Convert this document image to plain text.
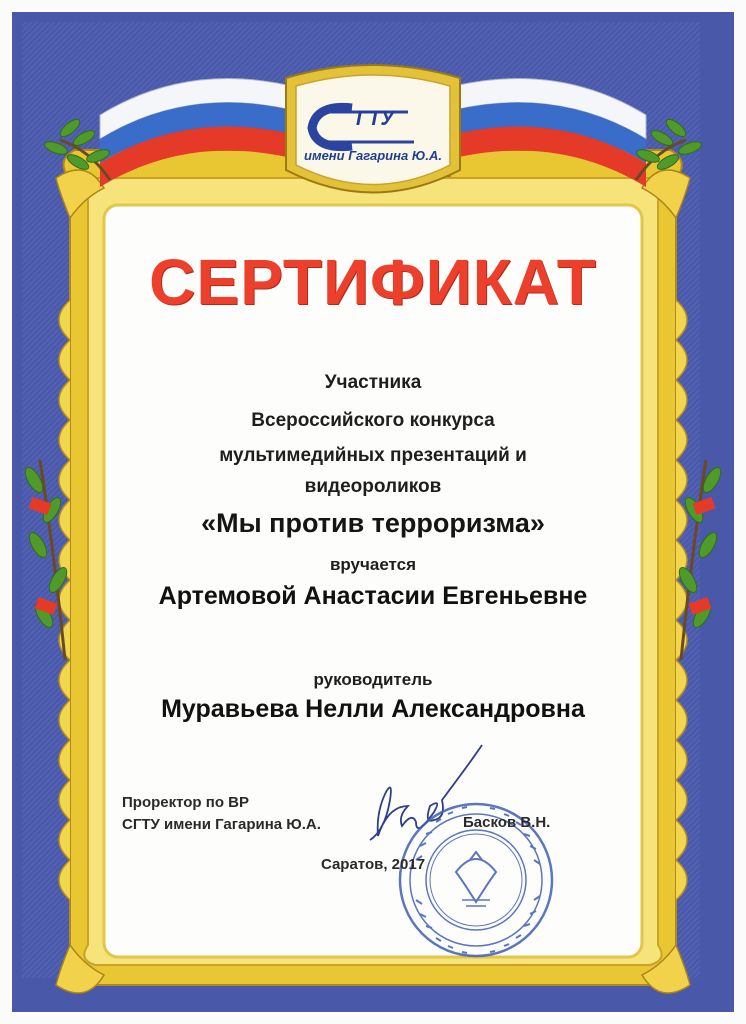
ГТУ
имени Гагарина Ю.А.
СЕРТИФИКАТ
Участника
Всероссийского конкурса
мультимедийных презентаций и
видеороликов
«Мы против терроризма»
вручается
Артемовой Анастасии Евгеньевне
руководитель
Муравьева Нелли Александровна
Проректор по ВР
СГТУ имени Гагарина Ю.А.	Басков В.Н.
Саратов, 2017
